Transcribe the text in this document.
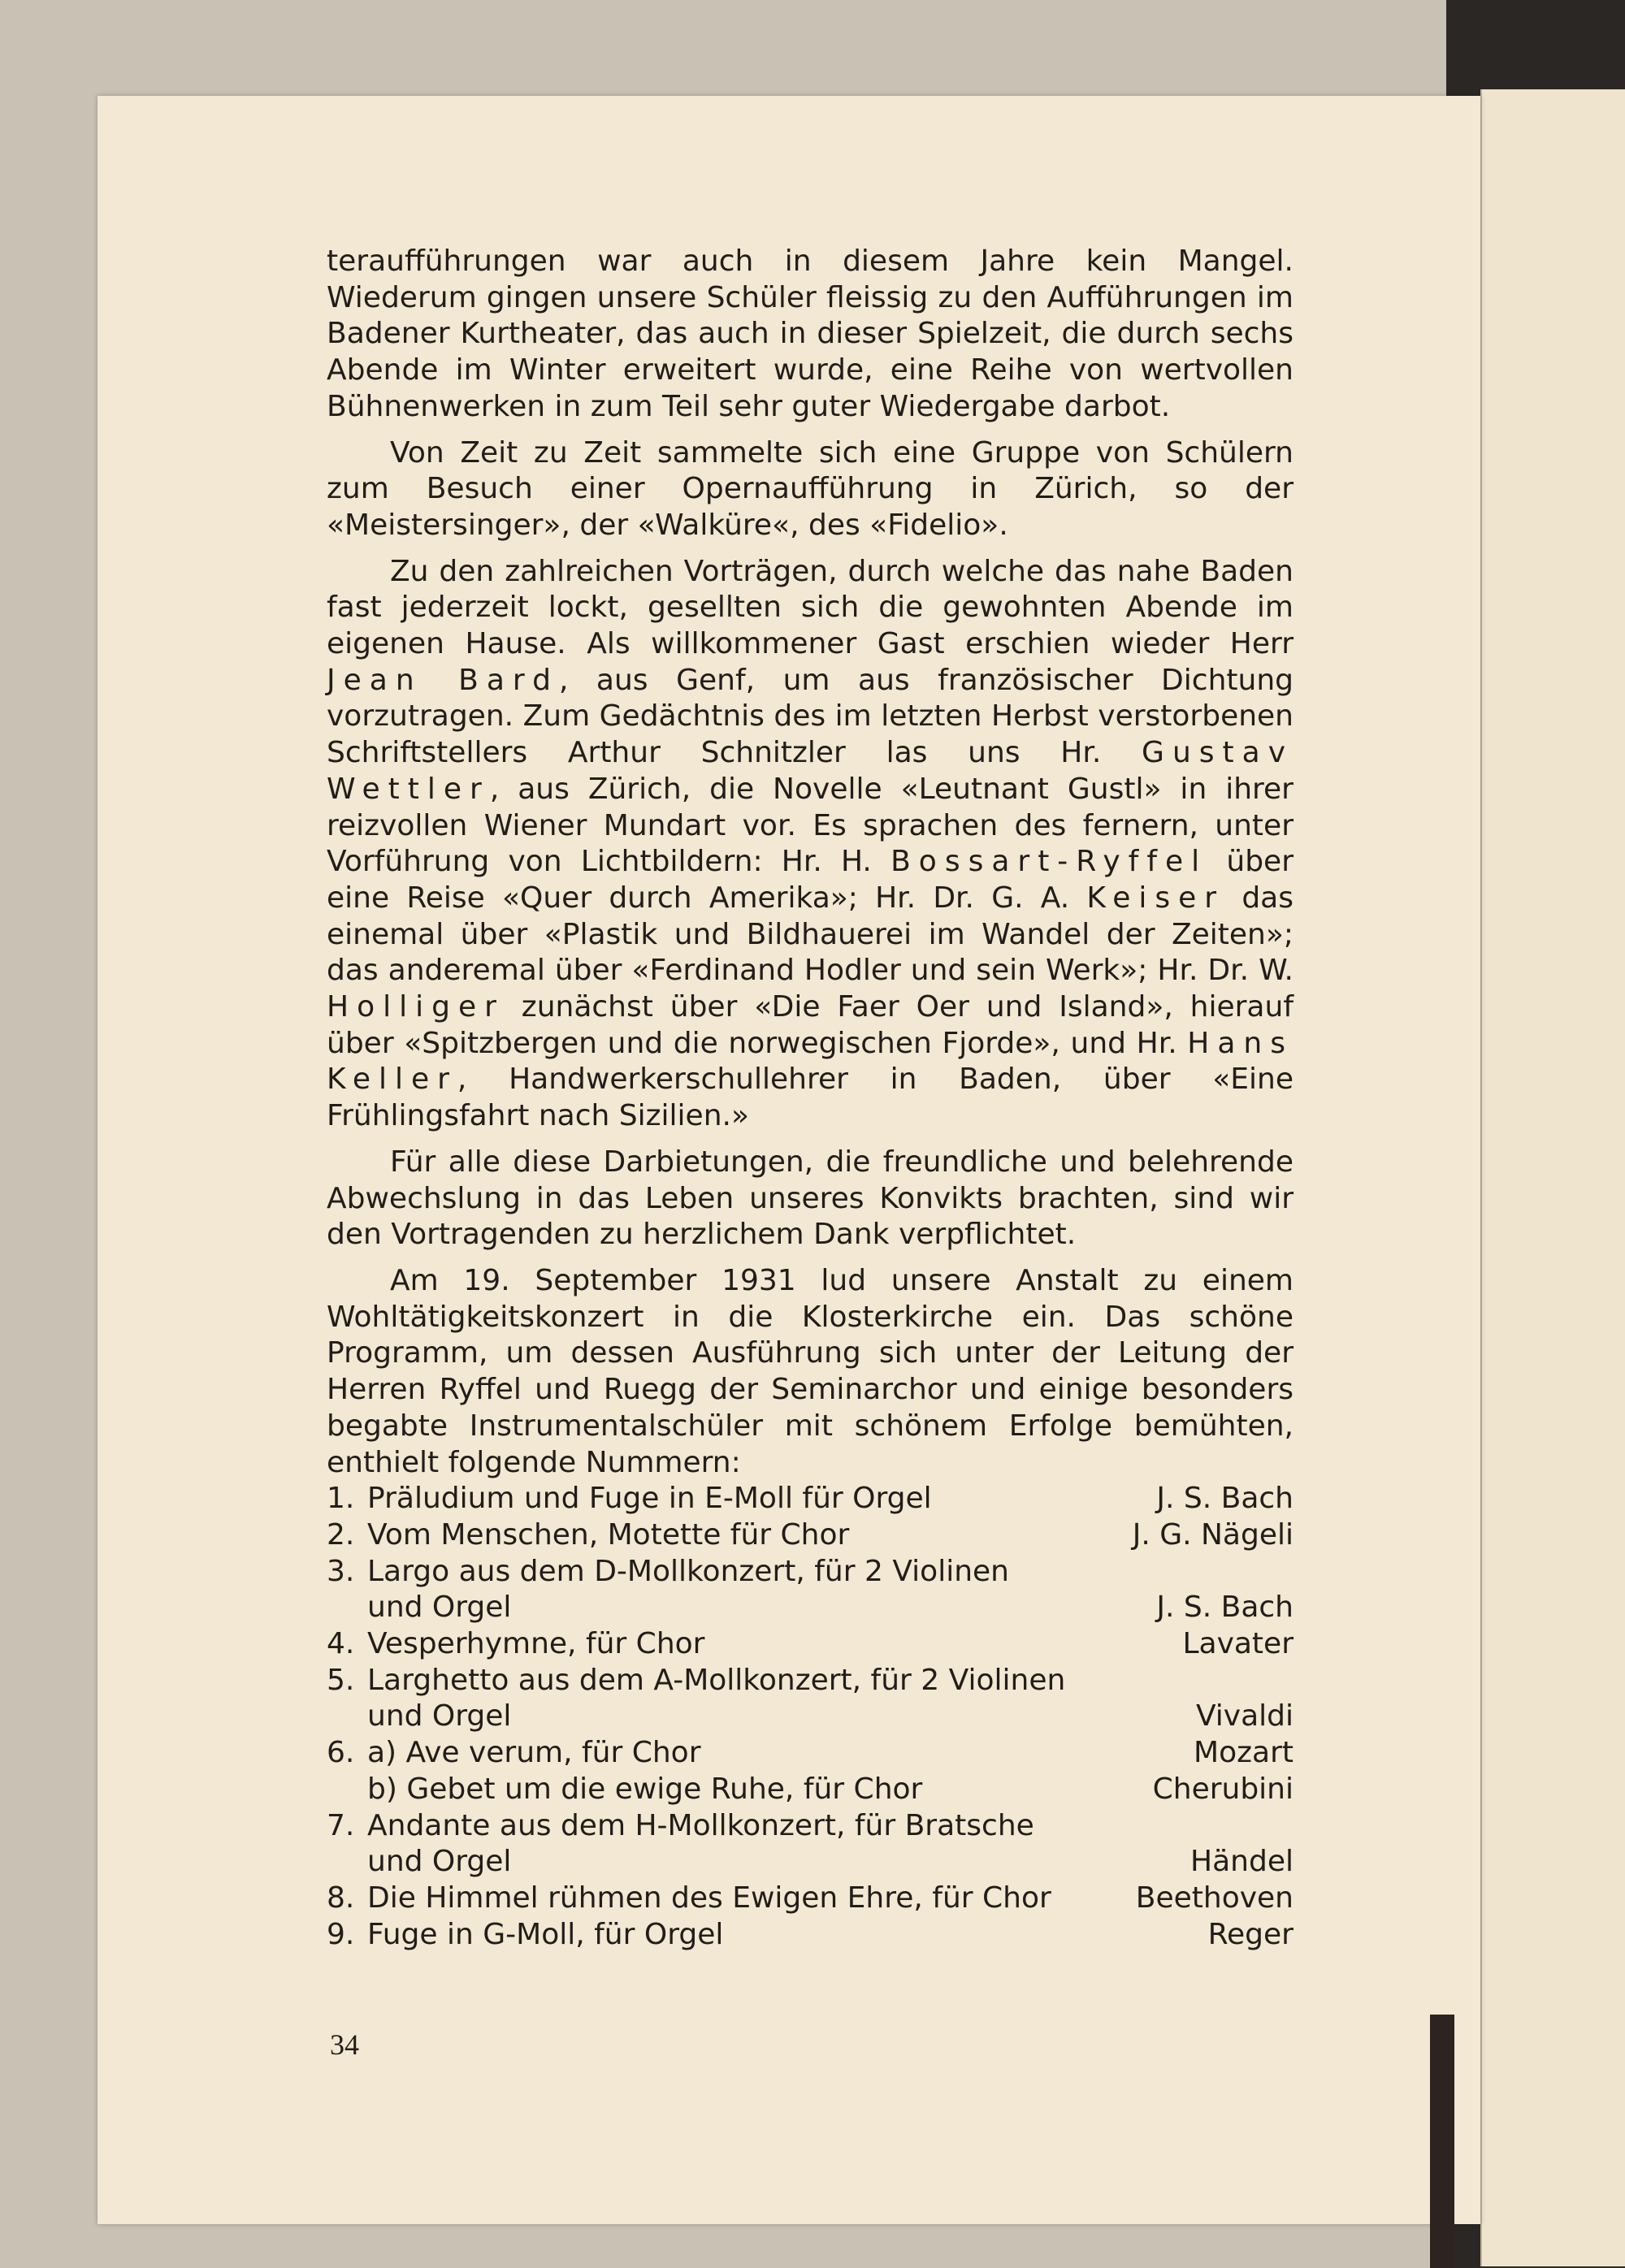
teraufführungen war auch in diesem Jahre kein Mangel. Wiederum gingen unsere Schüler fleissig zu den Aufführungen im Badener Kurtheater, das auch in dieser Spielzeit, die durch sechs Abende im Winter erweitert wurde, eine Reihe von wertvollen Bühnenwerken in zum Teil sehr guter Wiedergabe darbot.

Von Zeit zu Zeit sammelte sich eine Gruppe von Schülern zum Besuch einer Opernaufführung in Zürich, so der «Meistersinger», der «Walküre«, des «Fidelio».

Zu den zahlreichen Vorträgen, durch welche das nahe Baden fast jederzeit lockt, gesellten sich die gewohnten Abende im eigenen Hause. Als willkommener Gast erschien wieder Herr Jean Bard, aus Genf, um aus französischer Dichtung vorzutragen. Zum Gedächtnis des im letzten Herbst verstorbenen Schriftstellers Arthur Schnitzler las uns Hr. Gustav Wettler, aus Zürich, die Novelle «Leutnant Gustl» in ihrer reizvollen Wiener Mundart vor. Es sprachen des fernern, unter Vorführung von Lichtbildern: Hr. H. Bossart-Ryffel über eine Reise «Quer durch Amerika»; Hr. Dr. G. A. Keiser das einemal über «Plastik und Bildhauerei im Wandel der Zeiten»; das anderemal über «Ferdinand Hodler und sein Werk»; Hr. Dr. W. Holliger zunächst über «Die Faer Oer und Island», hierauf über «Spitzbergen und die norwegischen Fjorde», und Hr. Hans Keller, Handwerkerschullehrer in Baden, über «Eine Frühlingsfahrt nach Sizilien.»

Für alle diese Darbietungen, die freundliche und belehrende Abwechslung in das Leben unseres Konvikts brachten, sind wir den Vortragenden zu herzlichem Dank verpflichtet.

Am 19. September 1931 lud unsere Anstalt zu einem Wohltätigkeitskonzert in die Klosterkirche ein. Das schöne Programm, um dessen Ausführung sich unter der Leitung der Herren Ryffel und Ruegg der Seminarchor und einige besonders begabte Instrumentalschüler mit schönem Erfolge bemühten, enthielt folgende Nummern:

1. Präludium und Fuge in E-Moll für Orgel	J. S. Bach
2. Vom Menschen, Motette für Chor	J. G. Nägeli
3. Largo aus dem D-Mollkonzert, für 2 Violinen
und Orgel	J. S. Bach
4. Vesperhymne, für Chor	Lavater
5. Larghetto aus dem A-Mollkonzert, für 2 Violinen
und Orgel	Vivaldi
6. a) Ave verum, für Chor	Mozart
b) Gebet um die ewige Ruhe, für Chor	Cherubini
7. Andante aus dem H-Mollkonzert, für Bratsche
und Orgel	Händel
8. Die Himmel rühmen des Ewigen Ehre, für Chor	Beethoven
9. Fuge in G-Moll, für Orgel	Reger
34
